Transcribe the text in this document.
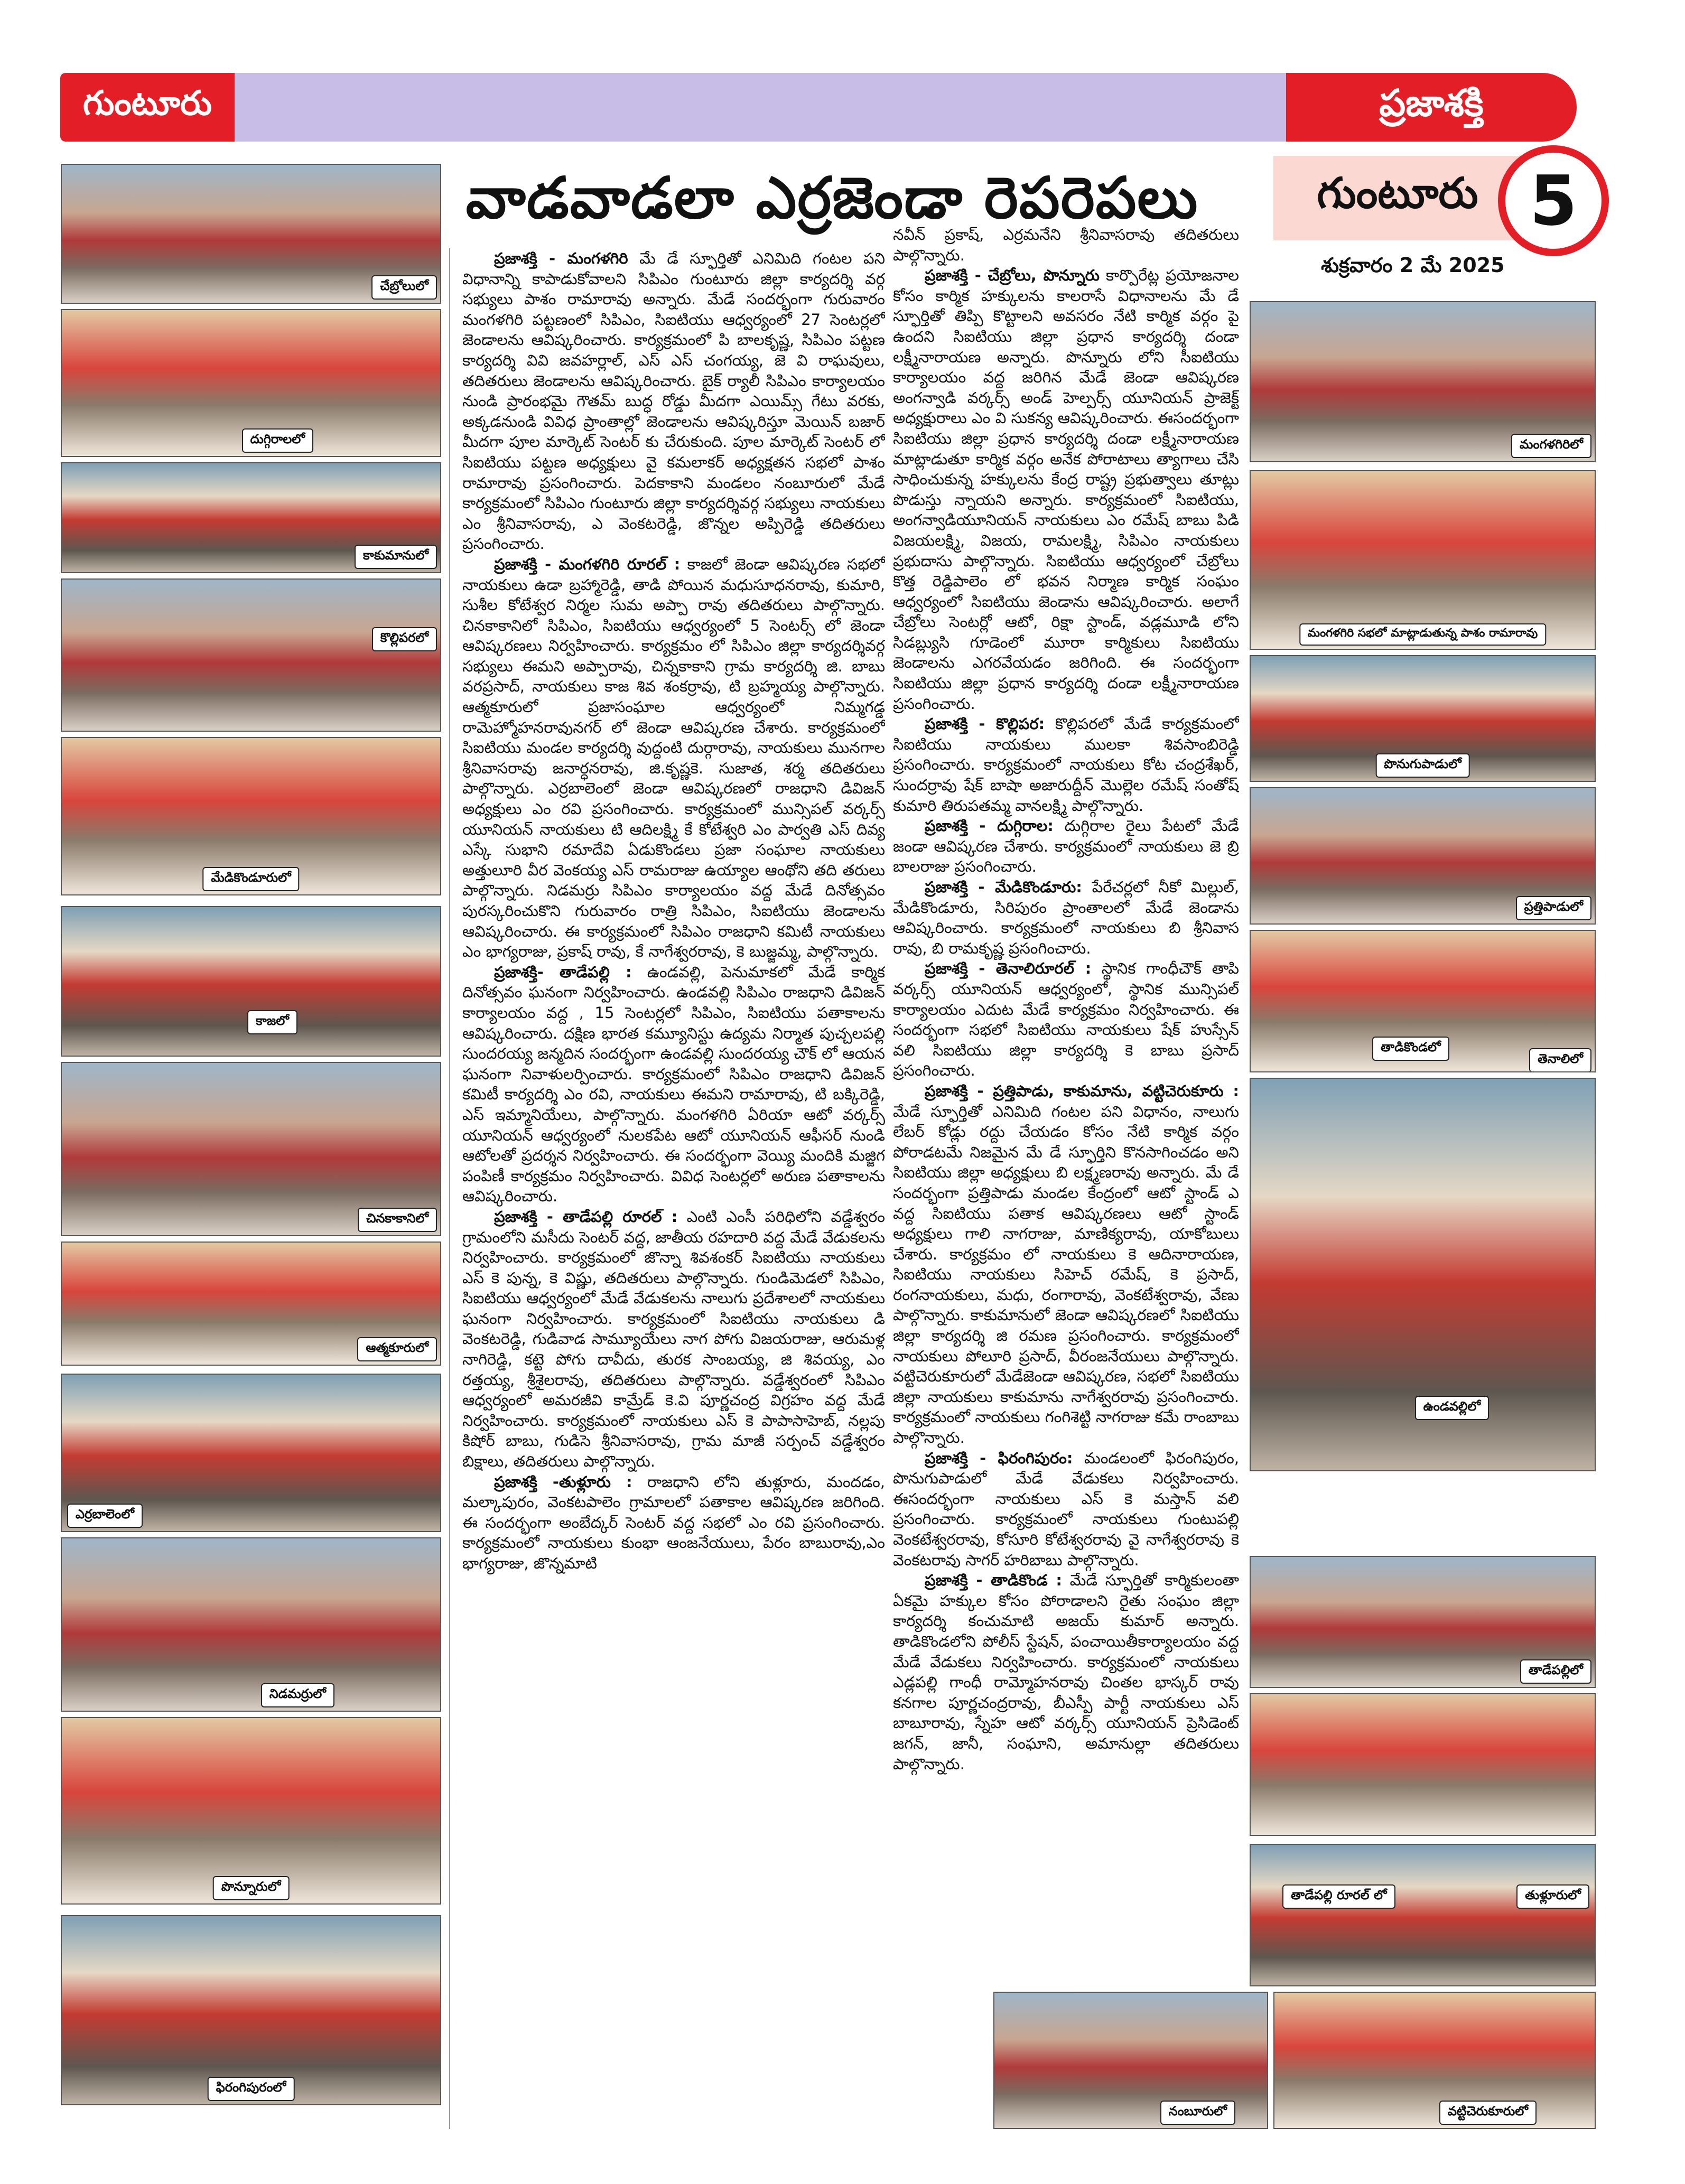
గుంటూరు	ప్రజాశక్తి
వాడవాడలా ఎర్రజెండా రెపరెపలు	గుంటూరు 5
శుక్రవారం 2 మే 2025
చేబ్రోలులో
దుగ్గిరాలలో
కాకుమానులో
కొల్లిపరలో
మేడికొండూరులో
కాజలో
చినకాకానిలో
ఆత్మకూరులో
ఎర్రబాలెంలో
నిడమర్రులో
పొన్నూరులో
ఫిరంగిపురంలో

ప్రజాశక్తి - మంగళగిరి మే డే స్ఫూర్తితో ఎనిమిది గంటల పని విధానాన్ని కాపాడుకోవాలని సిపిఎం గుంటూరు జిల్లా కార్యదర్శి వర్గ సభ్యులు పాశం రామారావు అన్నారు. మేడే సందర్భంగా గురువారం మంగళగిరి పట్టణంలో సిపిఎం, సిఐటియు ఆధ్వర్యంలో 27 సెంటర్లలో జెండాలను ఆవిష్కరించారు. కార్యక్రమంలో పి బాలకృష్ణ, సిపిఎం పట్టణ కార్యదర్శి వివి జవహర్లాల్, ఎస్ ఎస్ చంగయ్య, జె వి రాఘవులు, తదితరులు జెండాలను ఆవిష్కరించారు. బైక్ ర్యాలీ సిపిఎం కార్యాలయం నుండి ప్రారంభమై గౌతమ్ బుద్ధ రోడ్డు మీదగా ఎయిమ్స్ గేటు వరకు, అక్కడనుండి వివిధ ప్రాంతాల్లో జెండాలను ఆవిష్కరిస్తూ మెయిన్ బజార్ మీదగా పూల మార్కెట్ సెంటర్ కు చేరుకుంది. పూల మార్కెట్ సెంటర్ లో సిఐటియు పట్టణ అధ్యక్షులు వై కమలాకర్ అధ్యక్షతన సభలో పాశం రామారావు ప్రసంగించారు. పెదకాకాని మండలం నంబూరులో మేడే కార్యక్రమంలో సిపిఎం గుంటూరు జిల్లా కార్యదర్శివర్గ సభ్యులు నాయకులు ఎం శ్రీనివాసరావు, ఎ వెంకటరెడ్డి, జొన్నల అప్పిరెడ్డి తదితరులు ప్రసంగించారు.

ప్రజాశక్తి - మంగళగిరి రూరల్ : కాజలో జెండా ఆవిష్కరణ సభలో నాయకులు ఉడా బ్రహ్మారెడ్డి, తాడి పోయిన మధుసూధనరావు, కుమారి, సుశీల కోటేశ్వర నిర్మల సుమ అప్పా రావు తదితరులు పాల్గొన్నారు. చినకాకానిలో సిపిఎం, సిఐటియు ఆధ్వర్యంలో 5 సెంటర్స్ లో జెండా ఆవిష్కరణలు నిర్వహించారు. కార్యక్రమం లో సిపిఎం జిల్లా కార్యదర్శివర్గ సభ్యులు ఈమని అప్పారావు, చిన్నకాకాని గ్రామ కార్యదర్శి జి. బాబు వరప్రసాద్, నాయకులు కాజ శివ శంకర్రావు, టి బ్రహ్మయ్య పాల్గొన్నారు. ఆత్మకూరులో ప్రజాసంఘాల ఆధ్వర్యంలో నిమ్మగడ్డ రామెహ్మోహనరావునగర్ లో జెండా ఆవిష్కరణ చేశారు. కార్యక్రమంలో సిఐటియు మండల కార్యదర్శి వుద్దంటి దుర్గారావు, నాయకులు మునగాల శ్రీనివాసరావు జనార్ధనరావు, జి.కృష్ణకె. సుజాత, శర్మ తదితరులు పాల్గొన్నారు. ఎర్రబాలెంలో జెండా ఆవిష్కరణలో రాజధాని డివిజన్ అధ్యక్షులు ఎం రవి ప్రసంగించారు. కార్యక్రమంలో మున్సిపల్ వర్కర్స్ యూనియన్ నాయకులు టి ఆదిలక్ష్మి కే కోటేశ్వరి ఎం పార్వతి ఎస్ దివ్య ఎస్కే సుభాని రమాదేవి ఏడుకొండలు ప్రజా సంఘాల నాయకులు అత్తులూరి వీర వెంకయ్య ఎస్ రామరాజు ఉయ్యాల ఆంథోని తది తరులు పాల్గొన్నారు. నిడమర్రు సిపిఎం కార్యాలయం వద్ద మేడే దినోత్సవం పురస్కరించుకొని గురువారం రాత్రి సిపిఎం, సిఐటియు జెండాలను ఆవిష్కరించారు. ఈ కార్యక్రమంలో సిపిఎం రాజధాని కమిటీ నాయకులు ఎం భాగ్యరాజు, ప్రకాష్ రావు, కే నాగేశ్వరరావు, కె బుజ్జమ్మ, పాల్గొన్నారు.

ప్రజాశక్తి- తాడేపల్లి : ఉండవల్లి, పెనుమాకలో మేడే కార్మిక దినోత్సవం ఘనంగా నిర్వహించారు. ఉండవల్లి సిపిఎం రాజధాని డివిజన్ కార్యాలయం వద్ద , 15 సెంటర్లలో సిపిఎం, సిఐటియు పతాకాలను ఆవిష్కరించారు. దక్షిణ భారత కమ్యూనిస్టు ఉద్యమ నిర్మాత పుచ్చలపల్లి సుందరయ్య జన్మదిన సందర్భంగా ఉండవల్లి సుందరయ్య చౌక్ లో ఆయన ఘనంగా నివాళులర్పించారు. కార్యక్రమంలో సిపిఎం రాజధాని డివిజన్ కమిటీ కార్యదర్శి ఎం రవి, నాయకులు ఈమని రామారావు, టి బక్కిరెడ్డి, ఎస్ ఇమ్మానియేలు, పాల్గొన్నారు. మంగళగిరి ఏరియా ఆటో వర్కర్స్ యూనియన్ ఆధ్వర్యంలో నులకపేట ఆటో యూనియన్ ఆఫీసర్ నుండి ఆటోలతో ప్రదర్శన నిర్వహించారు. ఈ సందర్భంగా వెయ్యి మందికి మజ్జిగ పంపిణీ కార్యక్రమం నిర్వహించారు. వివిధ సెంటర్లలో అరుణ పతాకాలను ఆవిష్కరించారు.

ప్రజాశక్తి - తాడేపల్లి రూరల్ : ఎంటి ఎంసీ పరిధిలోని వడ్డేశ్వరం గ్రామంలోని మసీదు సెంటర్ వద్ద, జాతీయ రహదారి వద్ద మేడే వేడుకలను నిర్వహించారు. కార్యక్రమంలో జొన్నా శివశంకర్ సిఐటియు నాయకులు ఎస్ కె పున్న, కె విష్ణు, తదితరులు పాల్గొన్నారు. గుండిమెడలో సిపిఎం, సిఐటియు ఆధ్వర్యంలో మేడే వేడుకలను నాలుగు ప్రదేశాలలో నాయకులు ఘనంగా నిర్వహించారు. కార్యక్రమంలో సిఐటియు నాయకులు డి వెంకటరెడ్డి, గుడివాడ సామ్యూయేలు నాగ పోగు విజయరాజు, ఆరుమళ్ల నాగిరెడ్డి, కట్టె పోగు దావీదు, తురక సాంబయ్య, జి శివయ్య, ఎం రత్తయ్య, శ్రీశైలరావు, తదితరులు పాల్గొన్నారు. వడ్డేశ్వరంలో సిపిఎం ఆధ్వర్యంలో అమరజీవి కామ్రేడ్ కె.వి పూర్ణచంద్ర విగ్రహం వద్ద మేడే నిర్వహించారు. కార్యక్రమంలో నాయకులు ఎస్ కె పాపాసాహెబ్, నల్లపు కిషోర్ బాబు, గుడిసె శ్రీనివాసరావు, గ్రామ మాజీ సర్పంచ్ వడ్డేశ్వరం బిక్షాలు, తదితరులు పాల్గొన్నారు.

ప్రజాశక్తి -తుళ్లూరు : రాజధాని లోని తుళ్లూరు, మందడం, మల్కాపురం, వెంకటపాలెం గ్రామాలలో పతాకాల ఆవిష్కరణ జరిగింది. ఈ సందర్భంగా అంబేద్కర్ సెంటర్ వద్ద సభలో ఎం రవి ప్రసంగించారు. కార్యక్రమంలో నాయకులు కుంభా ఆంజనేయులు, పేరం బాబురావు,ఎం భాగ్యరాజు, జొన్నమాటి

నవీన్ ప్రకాష్, ఎర్రమనేని శ్రీనివాసరావు తదితరులు పాల్గొన్నారు.

ప్రజాశక్తి - చేబ్రోలు, పొన్నూరు కార్పొరేట్ల ప్రయోజనాల కోసం కార్మిక హక్కులను కాలరాసే విధానాలను మే డే స్ఫూర్తితో తిప్పి కొట్టాలని అవసరం నేటి కార్మిక వర్గం పై ఉందని సిఐటియు జిల్లా ప్రధాన కార్యదర్శి దండా లక్ష్మీనారాయణ అన్నారు. పొన్నూరు లోని సీఐటియు కార్యాలయం వద్ద జరిగిన మేడే జెండా ఆవిష్కరణ అంగన్వాడి వర్కర్స్ అండ్ హెల్పర్స్ యూనియన్ ప్రాజెక్ట్ అధ్యక్షురాలు ఎం వి సుకన్య ఆవిష్కరించారు. ఈసందర్భంగా సిఐటియు జిల్లా ప్రధాన కార్యదర్శి దండా లక్ష్మీనారాయణ మాట్లాడుతూ కార్మిక వర్గం అనేక పోరాటాలు త్యాగాలు చేసి సాధించుకున్న హక్కులను కేంద్ర రాష్ట్ర ప్రభుత్వాలు తూట్లు పొడుస్తు న్నాయని అన్నారు. కార్యక్రమంలో సిఐటియు, అంగన్వాడియూనియన్ నాయకులు ఎం రమేష్ బాబు పిడి విజయలక్ష్మి, విజయ, రామలక్ష్మి, సిపిఎం నాయకులు ప్రభుదాసు పాల్గొన్నారు. సిఐటియు ఆధ్వర్యంలో చేబ్రోలు కొత్త రెడ్డిపాలెం లో భవన నిర్మాణ కార్మిక సంఘం ఆధ్వర్యంలో సిఐటియు జెండాను ఆవిష్కరించారు. అలాగే చేబ్రోలు సెంటర్లో ఆటో, రిక్షా స్టాండ్, వడ్లమూడి లోని సిడబ్ల్యుసి గూడెంలో మూరా కార్మికులు సిఐటియు జెండాలను ఎగరవేయడం జరిగింది. ఈ సందర్భంగా సిఐటియు జిల్లా ప్రధాన కార్యదర్శి దండా లక్ష్మీనారాయణ ప్రసంగించారు.

ప్రజాశక్తి - కొల్లిపర: కొల్లిపరలో మేడే కార్యక్రమంలో సిఐటియు నాయకులు ములకా శివసాంబిరెడ్డి ప్రసంగించారు. కార్యక్రమంలో నాయకులు కోట చంద్రశేఖర్, సుందర్రావు షేక్ బాషా అజారుద్దీన్ మొల్లెల రమేష్ సంతోష్ కుమారి తిరుపతమ్మ వానలక్ష్మి పాల్గొన్నారు.

ప్రజాశక్తి - దుగ్గిరాల: దుగ్గిరాల రైలు పేటలో మేడే జండా ఆవిష్కరణ చేశారు. కార్యక్రమంలో నాయకులు జె బ్రి బాలరాజు ప్రసంగించారు.

ప్రజాశక్తి - మేడికొండూరు: పేరేచర్లలో నీకో మిల్లుల్, మేడికొండూరు, సిరిపురం ప్రాంతాలలో మేడే జెండాను ఆవిష్కరించారు. కార్యక్రమంలో నాయకులు బి శ్రీనివాస రావు, బి రామకృష్ణ ప్రసంగించారు.

ప్రజాశక్తి - తెనాలిరూరల్ : స్థానిక గాంధీచౌక్ తాపి వర్కర్స్ యూనియన్ ఆధ్వర్యంలో, స్థానిక మున్సిపల్ కార్యాలయం ఎదుట మేడే కార్యక్రమం నిర్వహించారు. ఈ సందర్భంగా సభలో సిఐటియు నాయకులు షేక్ హుస్సేన్ వలి సిఐటియు జిల్లా కార్యదర్శి కె బాబు ప్రసాద్ ప్రసంగించారు.

ప్రజాశక్తి - ప్రత్తిపాడు, కాకుమాను, వట్టిచెరుకూరు : మేడే స్ఫూర్తితో ఎనిమిది గంటల పని విధానం, నాలుగు లేబర్ కోడ్లు రద్దు చేయడం కోసం నేటి కార్మిక వర్గం పోరాడటమే నిజమైన మే డే స్ఫూర్తిని కొనసాగించడం అని సిఐటియు జిల్లా అధ్యక్షులు బి లక్ష్మణరావు అన్నారు. మే డే సందర్భంగా ప్రత్తిపాడు మండల కేంద్రంలో ఆటో స్టాండ్ ఎ వద్ద సిఐటియు పతాక ఆవిష్కరణలు ఆటో స్టాండ్ అధ్యక్షులు గాలి నాగరాజు, మాణిక్యరావు, యాకోబులు చేశారు. కార్యక్రమం లో నాయకులు కె ఆదినారాయణ, సిఐటియు నాయకులు సిహెచ్ రమేష్, కె ప్రసాద్, రంగనాయకులు, మధు, రంగారావు, వెంకటేశ్వరావు, వేణు పాల్గొన్నారు. కాకుమానులో జెండా ఆవిష్కరణలో సిఐటియు జిల్లా కార్యదర్శి జి రమణ ప్రసంగించారు. కార్యక్రమంలో నాయకులు పోలూరి ప్రసాద్, వీరంజనేయులు పాల్గొన్నారు. వట్టిచెరుకూరులో మేడేజెండా ఆవిష్కరణ, సభలో సిఐటియు జిల్లా నాయకులు కాకుమాను నాగేశ్వరరావు ప్రసంగించారు. కార్యక్రమంలో నాయకులు గంగిశెట్టి నాగరాజు కమే రాంబాబు పాల్గొన్నారు.

ప్రజాశక్తి - ఫిరంగిపురం: మండలంలో ఫిరంగిపురం, పొనుగుపాడులో మేడే వేడుకలు నిర్వహించారు. ఈసందర్భంగా నాయకులు ఎస్ కె మస్తాన్ వలి ప్రసంగించారు. కార్యక్రమంలో నాయకులు గుంటుపల్లి వెంకటేశ్వరరావు, కోసూరి కోటేశ్వరరావు వై నాగేశ్వరరావు కె వెంకటరావు సాగర్ హరిబాబు పాల్గొన్నారు.

ప్రజాశక్తి - తాడికొండ : మేడే స్ఫూర్తితో కార్మికులంతా ఏకమై హక్కుల కోసం పోరాడాలని రైతు సంఘం జిల్లా కార్యదర్శి కంచుమాటి అజయ్ కుమార్ అన్నారు. తాడికొండలోని పోలీస్ స్టేషన్, పంచాయితీకార్యాలయం వద్ద మేడే వేడుకలు నిర్వహించారు. కార్యక్రమంలో నాయకులు ఎడ్లపల్లి గాంధీ రామ్మోహనరావు చింతల భాస్కర్ రావు కనగాల పూర్ణచంద్రరావు, బీఎస్పీ పార్టీ నాయకులు ఎస్ బాబూరావు, స్నేహ ఆటో వర్కర్స్ యూనియన్ ప్రెసిడెంట్ జగన్, జానీ, సంఘాని, అమానుల్లా తదితరులు పాల్గొన్నారు.

మంగళగిరిలో
మంగళగిరి సభలో మాట్లాడుతున్న పాశం రామారావు
పొనుగుపాడులో
ప్రత్తిపాడులో
తాడికొండలో
తెనాలిలో
ఉండవల్లిలో
తాడేపల్లిలో
తాడేపల్లి రూరల్ లో	తుళ్లూరులో
నంబూరులో	వట్టిచెరుకూరులో
